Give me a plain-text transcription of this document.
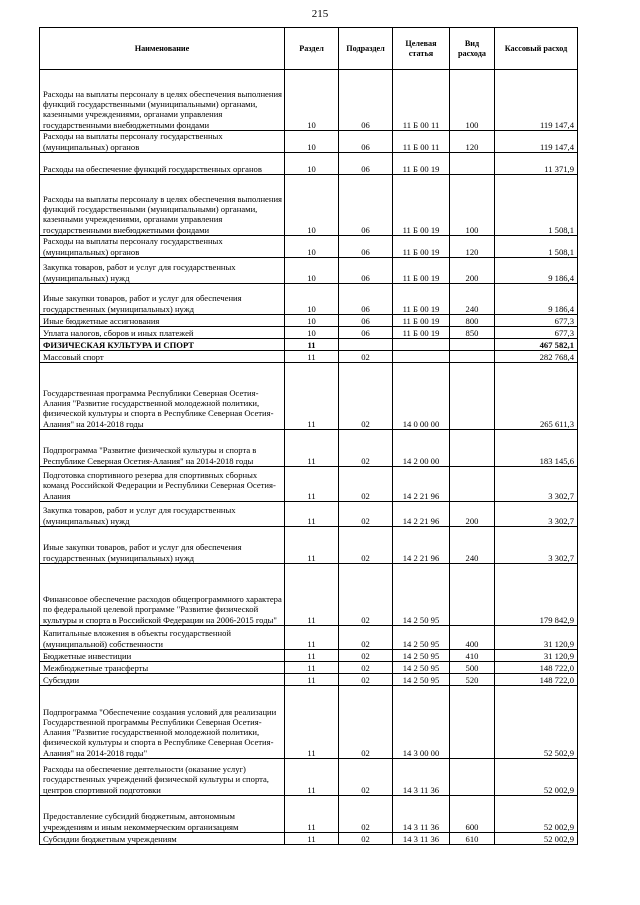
215
Наименование	Раздел	Подраздел	Целевая статья	Вид расхода	Кассовый расход
Расходы на выплаты персоналу в целях обеспечения выполнения функций государственными (муниципальными) органами, казенными учреждениями, органами управления государственными внебюджетными фондами	10	06	11 Б 00 11	100	119 147,4
Расходы на выплаты персоналу государственных (муниципальных) органов	10	06	11 Б 00 11	120	119 147,4
Расходы на обеспечение функций государственных органов	10	06	11 Б 00 19		11 371,9
Расходы на выплаты персоналу в целях обеспечения выполнения функций государственными (муниципальными) органами, казенными учреждениями, органами управления государственными внебюджетными фондами	10	06	11 Б 00 19	100	1 508,1
Расходы на выплаты персоналу государственных (муниципальных) органов	10	06	11 Б 00 19	120	1 508,1
Закупка товаров, работ и услуг для государственных (муниципальных) нужд	10	06	11 Б 00 19	200	9 186,4
Иные закупки товаров, работ и услуг для обеспечения государственных (муниципальных) нужд	10	06	11 Б 00 19	240	9 186,4
Иные бюджетные ассигнования	10	06	11 Б 00 19	800	677,3
Уплата налогов, сборов и иных платежей	10	06	11 Б 00 19	850	677,3
ФИЗИЧЕСКАЯ КУЛЬТУРА И СПОРТ	11				467 582,1
Массовый спорт	11	02			282 768,4
Государственная программа Республики Северная Осетия-Алания "Развитие государственной молодежной политики, физической культуры и спорта в Республике Северная Осетия-Алания" на 2014-2018 годы	11	02	14 0 00 00		265 611,3
Подпрограмма "Развитие физической культуры и спорта в Республике Северная Осетия-Алания" на 2014-2018 годы	11	02	14 2 00 00		183 145,6
Подготовка спортивного резерва для спортивных сборных команд Российской Федерации и Республики Северная Осетия-Алания	11	02	14 2 21 96		3 302,7
Закупка товаров, работ и услуг для государственных (муниципальных) нужд	11	02	14 2 21 96	200	3 302,7
Иные закупки товаров, работ и услуг для обеспечения государственных (муниципальных) нужд	11	02	14 2 21 96	240	3 302,7
Финансовое обеспечение расходов общепрограммного характера по федеральной целевой программе "Развитие физической культуры и спорта в Российской Федерации на 2006-2015 годы"	11	02	14 2 50 95		179 842,9
Капитальные вложения в объекты государственной (муниципальной) собственности	11	02	14 2 50 95	400	31 120,9
Бюджетные инвестиции	11	02	14 2 50 95	410	31 120,9
Межбюджетные трансферты	11	02	14 2 50 95	500	148 722,0
Субсидии	11	02	14 2 50 95	520	148 722,0
Подпрограмма "Обеспечение создания условий для реализации Государственной программы Республики Северная Осетия-Алания "Развитие государственной молодежной политики, физической культуры и спорта в Республике Северная Осетия-Алания" на 2014-2018 годы"	11	02	14 3 00 00		52 502,9
Расходы на обеспечение деятельности (оказание услуг) государственных учреждений физической культуры и спорта, центров спортивной подготовки	11	02	14 3 11 36		52 002,9
Предоставление субсидий бюджетным, автономным учреждениям и иным некоммерческим организациям	11	02	14 3 11 36	600	52 002,9
Субсидии бюджетным учреждениям	11	02	14 3 11 36	610	52 002,9
